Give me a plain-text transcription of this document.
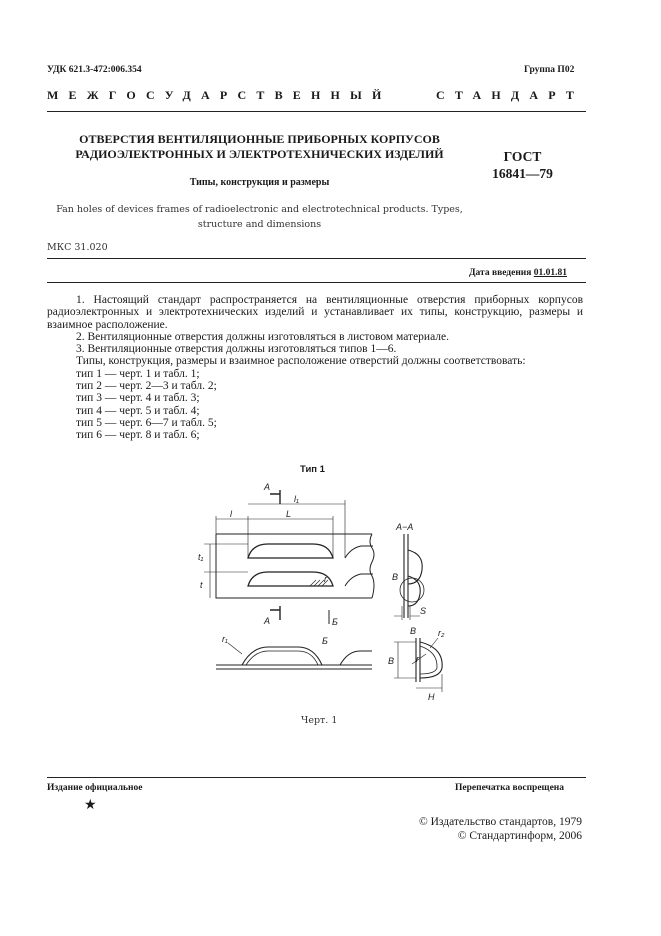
УДК 621.3-472:006.354	Группа П02
МЕЖГОСУДАРСТВЕННЫЙ	СТАНДАРТ
ОТВЕРСТИЯ ВЕНТИЛЯЦИОННЫЕ ПРИБОРНЫХ КОРПУСОВ
РАДИОЭЛЕКТРОННЫХ И ЭЛЕКТРОТЕХНИЧЕСКИХ ИЗДЕЛИЙ	ГОСТ
16841—79
Типы, конструкция и размеры
Fan holes of devices frames of radioelectronic and electrotechnical products. Types,
structure and dimensions
МКС 31.020
Дата введения 01.01.81

1. Настоящий стандарт распространяется на вентиляционные отверстия приборных корпусов радиоэлектронных и электротехнических изделий и устанавливает их типы, конструкцию, размеры и взаимное расположение.

2. Вентиляционные отверстия должны изготовляться в листовом материале.

3. Вентиляционные отверстия должны изготовляться типов 1—6.

Типы, конструкция, размеры и взаимное расположение отверстий должны соответствовать:

тип 1 — черт. 1 и табл. 1;

тип 2 — черт. 2—3 и табл. 2;

тип 3 — черт. 4 и табл. 3;

тип 4 — черт. 5 и табл. 4;

тип 5 — черт. 6—7 и табл. 5;

тип 6 — черт. 8 и табл. 6;

Тип 1
А
А	Б
Б
l	L
l₁
t₁
t
r
r₁
А−А
В
S
В r₂
В r
H
Черт. 1
Издание официальное	Перепечатка воспрещена
★
© Издательство стандартов, 1979
© Стандартинформ, 2006
